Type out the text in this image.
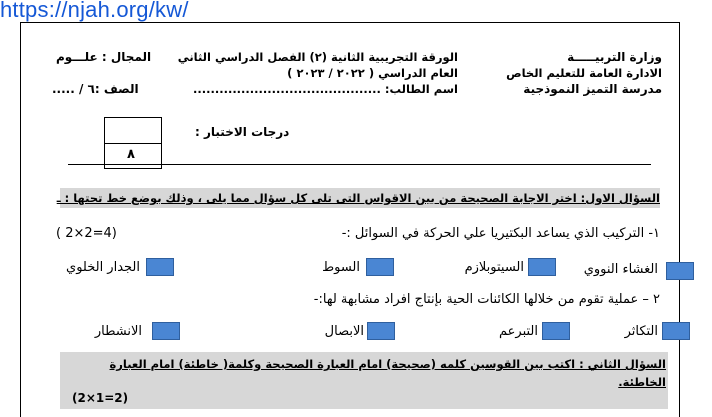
https://njah.org/kw/
وزارة التربيـــــة
الادارة العامة للتعليم الخاص
مدرسة التميز النموذجية
الورقة التجريبية الثانية (٢) الفصل الدراسي الثاني
العام الدراسي ( ٢٠٢٢ / ٢٠٢٣ )
اسم الطالب: ...........................................
المجال : علـــوم
الصف :٦ / .....
درجات الاختبار :
٨
السؤال الاول: اختر الاجابة الصحيحة من بين الاقواس التى تلى كل سؤال مما يلى ، وذلك بوضع خط تحتها : ـ
١- التركيب الذي يساعد البكتيريا علي الحركة في السوائل :-
( 2×2=4)
الغشاء النووي
السيتوبلازم
السوط
الجدار الخلوي
٢ – عملية تقوم من خلالها الكائنات الحية بإنتاج افراد مشابهة لها:-
التكاثر
التبرعم
الابصال
الانشطار
السؤال الثاني : اكتب بين القوسين كلمه (صحيحة) امام العبارة الصحيحة وكلمة( خاطئة) امام العبارة
الخاطئة.
(2×1=2)
